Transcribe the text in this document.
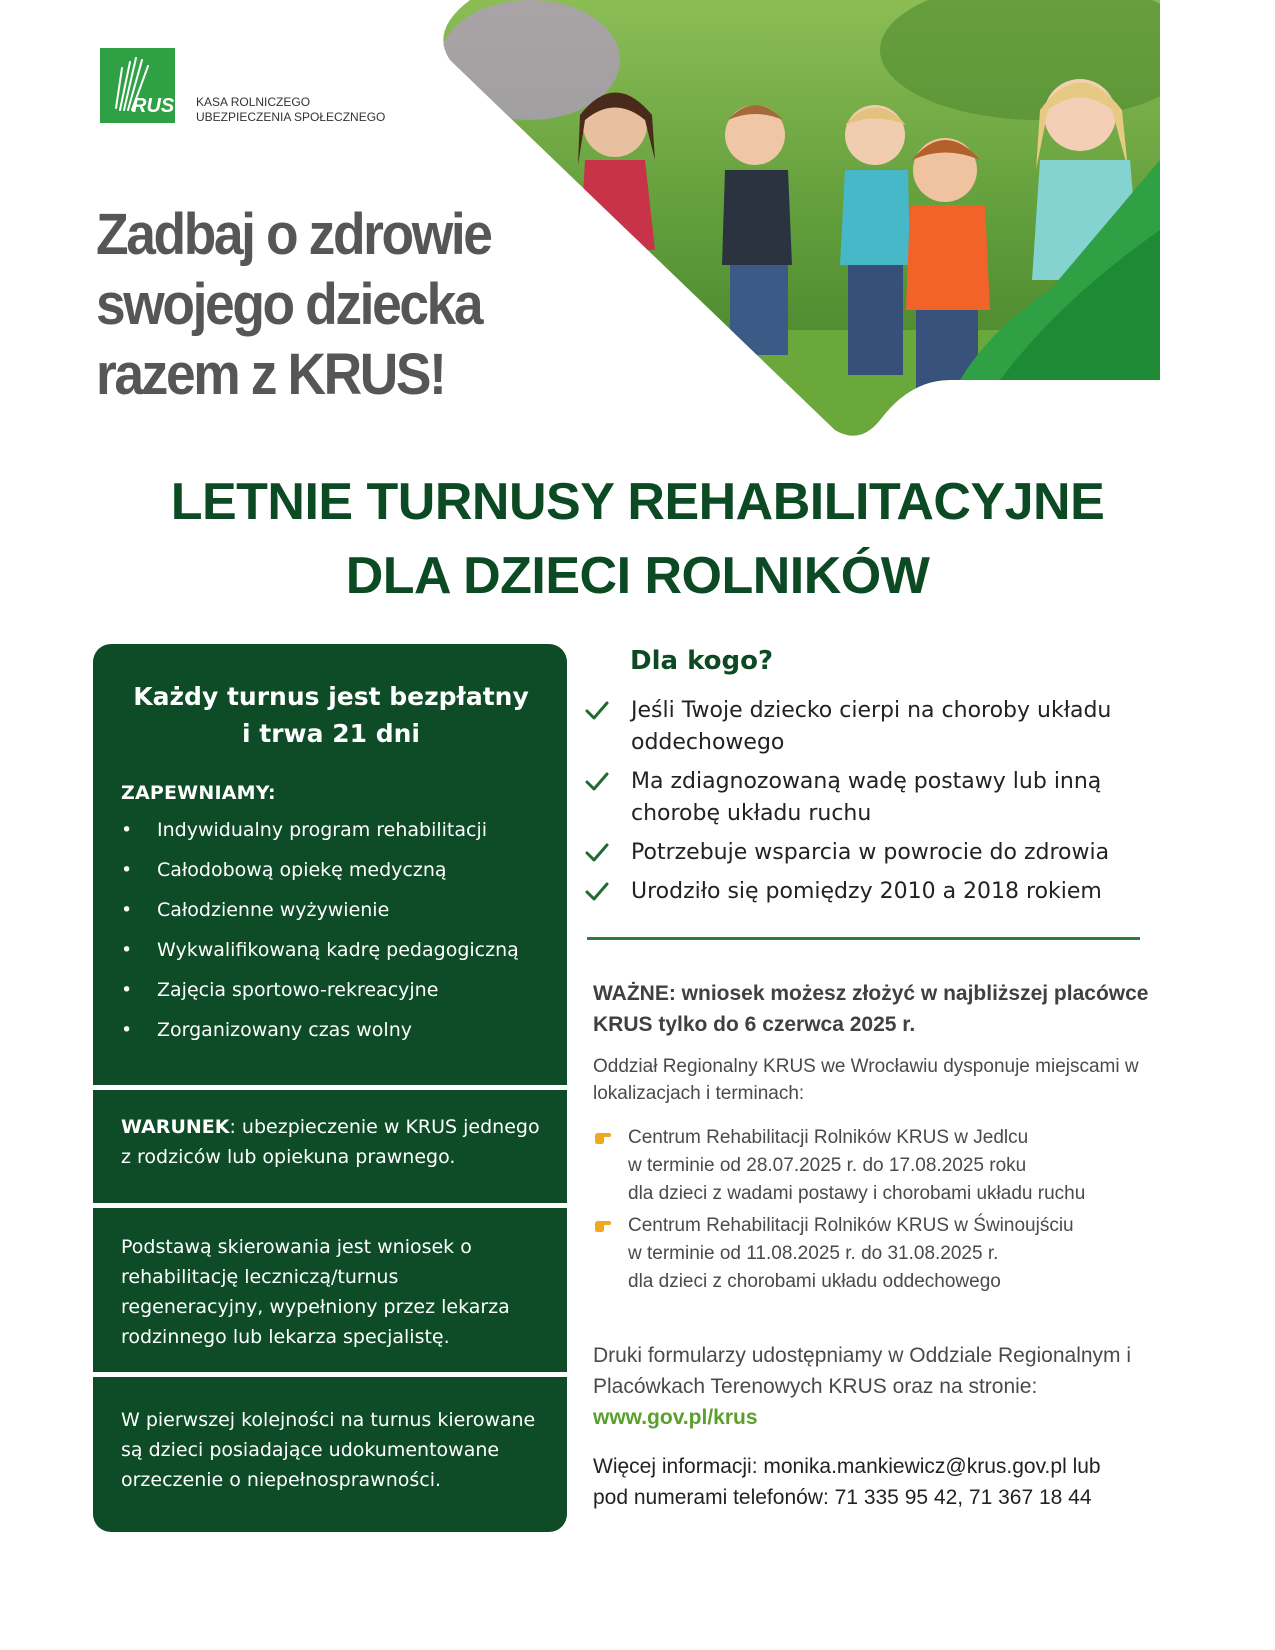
RUS KASA ROLNICZEGO
UBEZPIECZENIA SPOŁECZNEGO
Zadbaj o zdrowie
swojego dziecka
razem z KRUS!
LETNIE TURNUSY REHABILITACYJNE
DLA DZIECI ROLNIKÓW
Każdy turnus jest bezpłatny
i trwa 21 dni
ZAPEWNIAMY:
• Indywidualny program rehabilitacji
• Całodobową opiekę medyczną
• Całodzienne wyżywienie
• Wykwalifikowaną kadrę pedagogiczną
• Zajęcia sportowo-rekreacyjne
• Zorganizowany czas wolny

WARUNEK: ubezpieczenie w KRUS jednego z rodziców lub opiekuna prawnego.

Podstawą skierowania jest wniosek o rehabilitację leczniczą/turnus regeneracyjny, wypełniony przez lekarza rodzinnego lub lekarza specjalistę.

W pierwszej kolejności na turnus kierowane są dzieci posiadające udokumentowane orzeczenie o niepełnosprawności.

Dla kogo?
Jeśli Twoje dziecko cierpi na choroby układu oddechowego
Ma zdiagnozowaną wadę postawy lub inną chorobę układu ruchu
Potrzebuje wsparcia w powrocie do zdrowia
Urodziło się pomiędzy 2010 a 2018 rokiem

WAŻNE: wniosek możesz złożyć w najbliższej placówce KRUS tylko do 6 czerwca 2025 r.

Oddział Regionalny KRUS we Wrocławiu dysponuje miejscami w lokalizacjach i terminach:

Centrum Rehabilitacji Rolników KRUS w Jedlcu
w terminie od 28.07.2025 r. do 17.08.2025 roku
dla dzieci z wadami postawy i chorobami układu ruchu
Centrum Rehabilitacji Rolników KRUS w Świnoujściu
w terminie od 11.08.2025 r. do 31.08.2025 r.
dla dzieci z chorobami układu oddechowego

Druki formularzy udostępniamy w Oddziale Regionalnym i Placówkach Terenowych KRUS oraz na stronie: www.gov.pl/krus

Więcej informacji: monika.mankiewicz@krus.gov.pl lub
pod numerami telefonów: 71 335 95 42, 71 367 18 44
